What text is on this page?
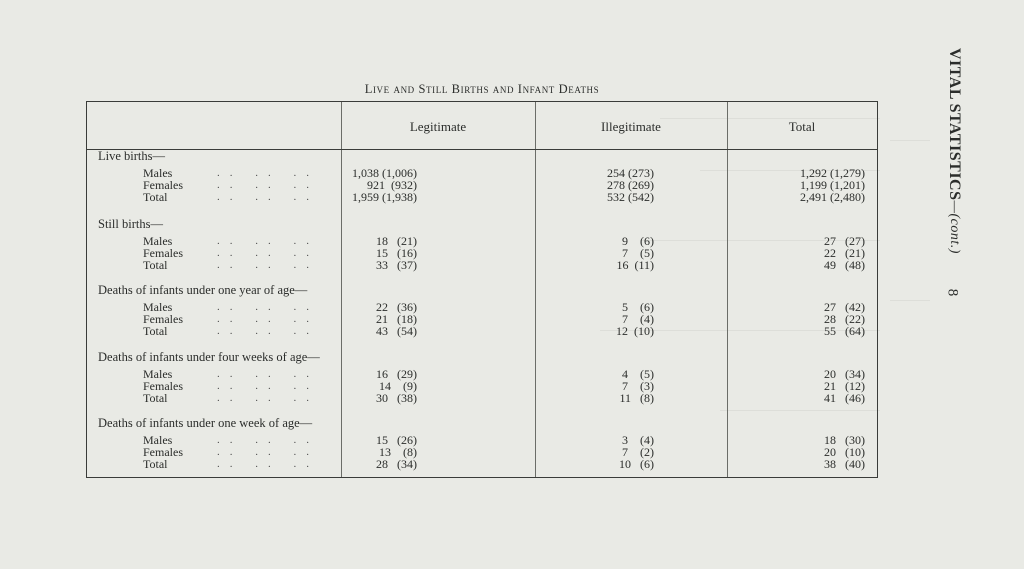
VITAL STATISTICS—(cont.)
8
Live and Still Births and Infant Deaths
Legitimate	Illegitimate	Total
Live births—
Males	.. .. ..	1,038 (1,006)	254 (273)	1,292 (1,279)
Females	.. .. ..	921  (932)	278 (269)	1,199 (1,201)
Total	.. .. ..	1,959 (1,938)	532 (542)	2,491 (2,480)
Still births—
Males	.. .. ..	18   (21)	9    (6)	27   (27)
Females	.. .. ..	15   (16)	7    (5)	22   (21)
Total	.. .. ..	33   (37)	16  (11)	49   (48)
Deaths of infants under one year of age—
Males	.. .. ..	22   (36)	5    (6)	27   (42)
Females	.. .. ..	21   (18)	7    (4)	28   (22)
Total	.. .. ..	43   (54)	12  (10)	55   (64)
Deaths of infants under four weeks of age—
Males	.. .. ..	16   (29)	4    (5)	20   (34)
Females	.. .. ..	14    (9)	7    (3)	21   (12)
Total	.. .. ..	30   (38)	11   (8)	41   (46)
Deaths of infants under one week of age—
Males	.. .. ..	15   (26)	3    (4)	18   (30)
Females	.. .. ..	13    (8)	7    (2)	20   (10)
Total	.. .. ..	28   (34)	10   (6)	38   (40)
